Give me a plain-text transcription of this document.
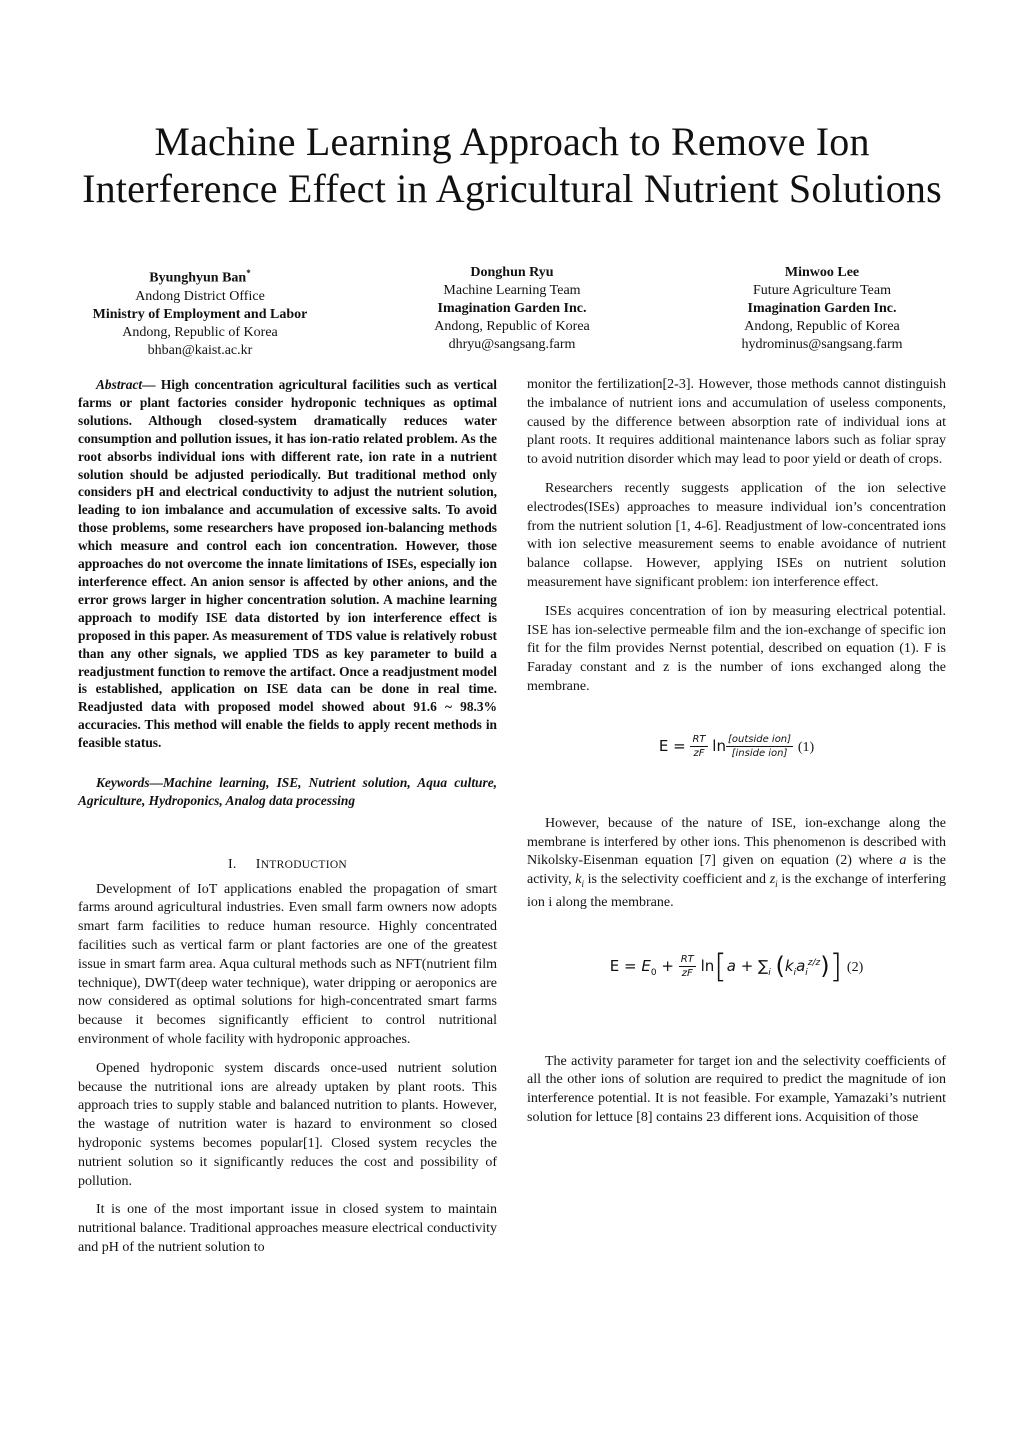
Machine Learning Approach to Remove Ion
Interference Effect in Agricultural Nutrient Solutions
Byunghyun Ban*
Andong District Office
Ministry of Employment and Labor
Andong, Republic of Korea
bhban@kaist.ac.kr
Donghun Ryu
Machine Learning Team
Imagination Garden Inc.
Andong, Republic of Korea
dhryu@sangsang.farm
Minwoo Lee
Future Agriculture Team
Imagination Garden Inc.
Andong, Republic of Korea
hydrominus@sangsang.farm

Abstract— High concentration agricultural facilities such as vertical farms or plant factories consider hydroponic techniques as optimal solutions. Although closed-system dramatically reduces water consumption and pollution issues, it has ion-ratio related problem. As the root absorbs individual ions with different rate, ion rate in a nutrient solution should be adjusted periodically. But traditional method only considers pH and electrical conductivity to adjust the nutrient solution, leading to ion imbalance and accumulation of excessive salts. To avoid those problems, some researchers have proposed ion-balancing methods which measure and control each ion concentration. However, those approaches do not overcome the innate limitations of ISEs, especially ion interference effect. An anion sensor is affected by other anions, and the error grows larger in higher concentration solution. A machine learning approach to modify ISE data distorted by ion interference effect is proposed in this paper. As measurement of TDS value is relatively robust than any other signals, we applied TDS as key parameter to build a readjustment function to remove the artifact. Once a readjustment model is established, application on ISE data can be done in real time. Readjusted data with proposed model showed about 91.6 ~ 98.3% accuracies. This method will enable the fields to apply recent methods in feasible status.

Keywords—Machine learning, ISE, Nutrient solution, Aqua culture, Agriculture, Hydroponics, Analog data processing

I. INTRODUCTION

Development of IoT applications enabled the propagation of smart farms around agricultural industries. Even small farm owners now adopts smart farm facilities to reduce human resource. Highly concentrated facilities such as vertical farm or plant factories are one of the greatest issue in smart farm area. Aqua cultural methods such as NFT(nutrient film technique), DWT(deep water technique), water dripping or aeroponics are now considered as optimal solutions for high-concentrated smart farms because it becomes significantly efficient to control nutritional environment of whole facility with hydroponic approaches.

Opened hydroponic system discards once-used nutrient solution because the nutritional ions are already uptaken by plant roots. This approach tries to supply stable and balanced nutrition to plants. However, the wastage of nutrition water is hazard to environment so closed hydroponic systems becomes popular[1]. Closed system recycles the nutrient solution so it significantly reduces the cost and possibility of pollution.

It is one of the most important issue in closed system to maintain nutritional balance. Traditional approaches measure electrical conductivity and pH of the nutrient solution to

monitor the fertilization[2-3]. However, those methods cannot distinguish the imbalance of nutrient ions and accumulation of useless components, caused by the difference between absorption rate of individual ions at plant roots. It requires additional maintenance labors such as foliar spray to avoid nutrition disorder which may lead to poor yield or death of crops.

Researchers recently suggests application of the ion selective electrodes(ISEs) approaches to measure individual ion’s concentration from the nutrient solution [1, 4-6]. Readjustment of low-concentrated ions with ion selective measurement seems to enable avoidance of nutrient balance collapse. However, applying ISEs on nutrient solution measurement have significant problem: ion interference effect.

ISEs acquires concentration of ion by measuring electrical potential. ISE has ion-selective permeable film and the ion-exchange of specific ion fit for the film provides Nernst potential, described on equation (1). F is Faraday constant and z is the number of ions exchanged along the membrane.

$E = \frac{RT}{zF}$ $\ln \frac{\text{[outside ion]}}{\text{[inside ion]}} (1)$

However, because of the nature of ISE, ion-exchange along the membrane is interfered by other ions. This phenomenon is described with Nikolsky-Eisenman equation [7] given on equation (2) where a is the activity, $k_i$ is the selectivity coefficient and $z_i$ is the exchange of interfering ion i along the membrane.

$E = E_0 + \frac{RT}{zF} \ln[a + \sum_i$ $(k_ia_i^{z/z})$] (2)

The activity parameter for target ion and the selectivity coefficients of all the other ions of solution are required to predict the magnitude of ion interference potential. It is not feasible. For example, Yamazaki’s nutrient solution for lettuce [8] contains 23 different ions. Acquisition of those
